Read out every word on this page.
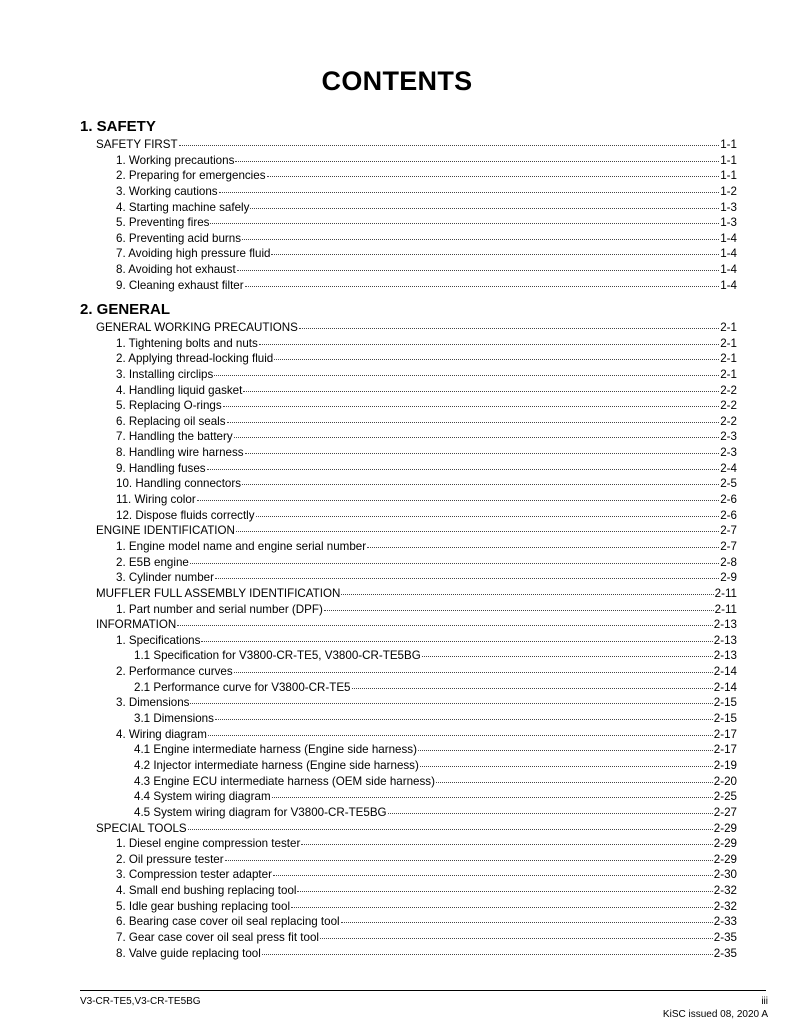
CONTENTS
1. SAFETY
SAFETY FIRST	1-1
1. Working precautions	1-1
2. Preparing for emergencies	1-1
3. Working cautions	1-2
4. Starting machine safely	1-3
5. Preventing fires	1-3
6. Preventing acid burns	1-4
7. Avoiding high pressure fluid	1-4
8. Avoiding hot exhaust	1-4
9. Cleaning exhaust filter	1-4
2. GENERAL
GENERAL WORKING PRECAUTIONS	2-1
1. Tightening bolts and nuts	2-1
2. Applying thread-locking fluid	2-1
3. Installing circlips	2-1
4. Handling liquid gasket	2-2
5. Replacing O-rings	2-2
6. Replacing oil seals	2-2
7. Handling the battery	2-3
8. Handling wire harness	2-3
9. Handling fuses	2-4
10. Handling connectors	2-5
11. Wiring color	2-6
12. Dispose fluids correctly	2-6
ENGINE IDENTIFICATION	2-7
1. Engine model name and engine serial number	2-7
2. E5B engine	2-8
3. Cylinder number	2-9
MUFFLER FULL ASSEMBLY IDENTIFICATION	2-11
1. Part number and serial number (DPF)	2-11
INFORMATION	2-13
1. Specifications	2-13
1.1 Specification for V3800-CR-TE5, V3800-CR-TE5BG	2-13
2. Performance curves	2-14
2.1 Performance curve for V3800-CR-TE5	2-14
3. Dimensions	2-15
3.1 Dimensions	2-15
4. Wiring diagram	2-17
4.1 Engine intermediate harness (Engine side harness)	2-17
4.2 Injector intermediate harness (Engine side harness)	2-19
4.3 Engine ECU intermediate harness (OEM side harness)	2-20
4.4 System wiring diagram	2-25
4.5 System wiring diagram for V3800-CR-TE5BG	2-27
SPECIAL TOOLS	2-29
1. Diesel engine compression tester	2-29
2. Oil pressure tester	2-29
3. Compression tester adapter	2-30
4. Small end bushing replacing tool	2-32
5. Idle gear bushing replacing tool	2-32
6. Bearing case cover oil seal replacing tool	2-33
7. Gear case cover oil seal press fit tool	2-35
8. Valve guide replacing tool	2-35
V3-CR-TE5,V3-CR-TE5BG	iii
KiSC issued 08, 2020 A
